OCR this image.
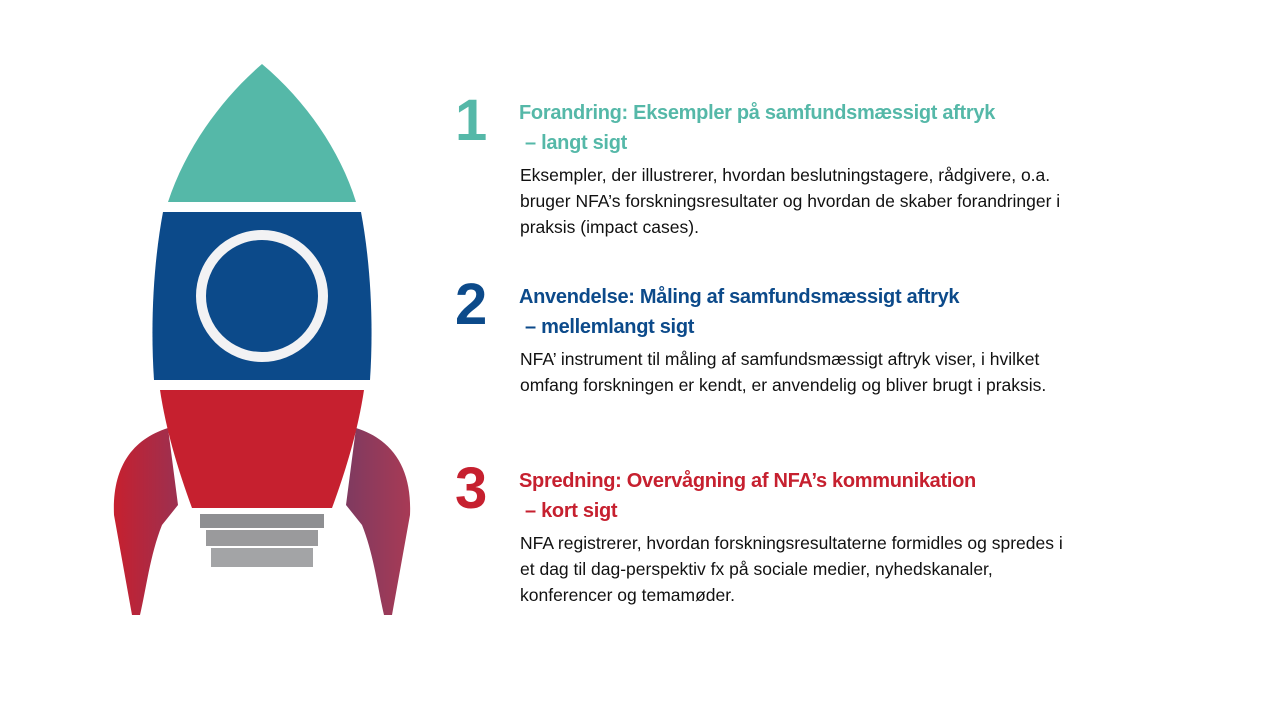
1	Forandring: Eksempler på samfundsmæssigt aftryk
– langt sigt
Eksempler, der illustrerer, hvordan beslutningstagere, rådgivere, o.a. bruger NFA’s forskningsresultater og hvordan de skaber forandringer i praksis (impact cases).
2	Anvendelse: Måling af samfundsmæssigt aftryk
– mellemlangt sigt
NFA’ instrument til måling af samfundsmæssigt aftryk viser, i hvilket omfang forskningen er kendt, er anvendelig og bliver brugt i praksis.
3	Spredning: Overvågning af NFA’s kommunikation
– kort sigt
NFA registrerer, hvordan forskningsresultaterne formidles og spredes i et dag til dag-perspektiv fx på sociale medier, nyhedskanaler, konferencer og temamøder.
